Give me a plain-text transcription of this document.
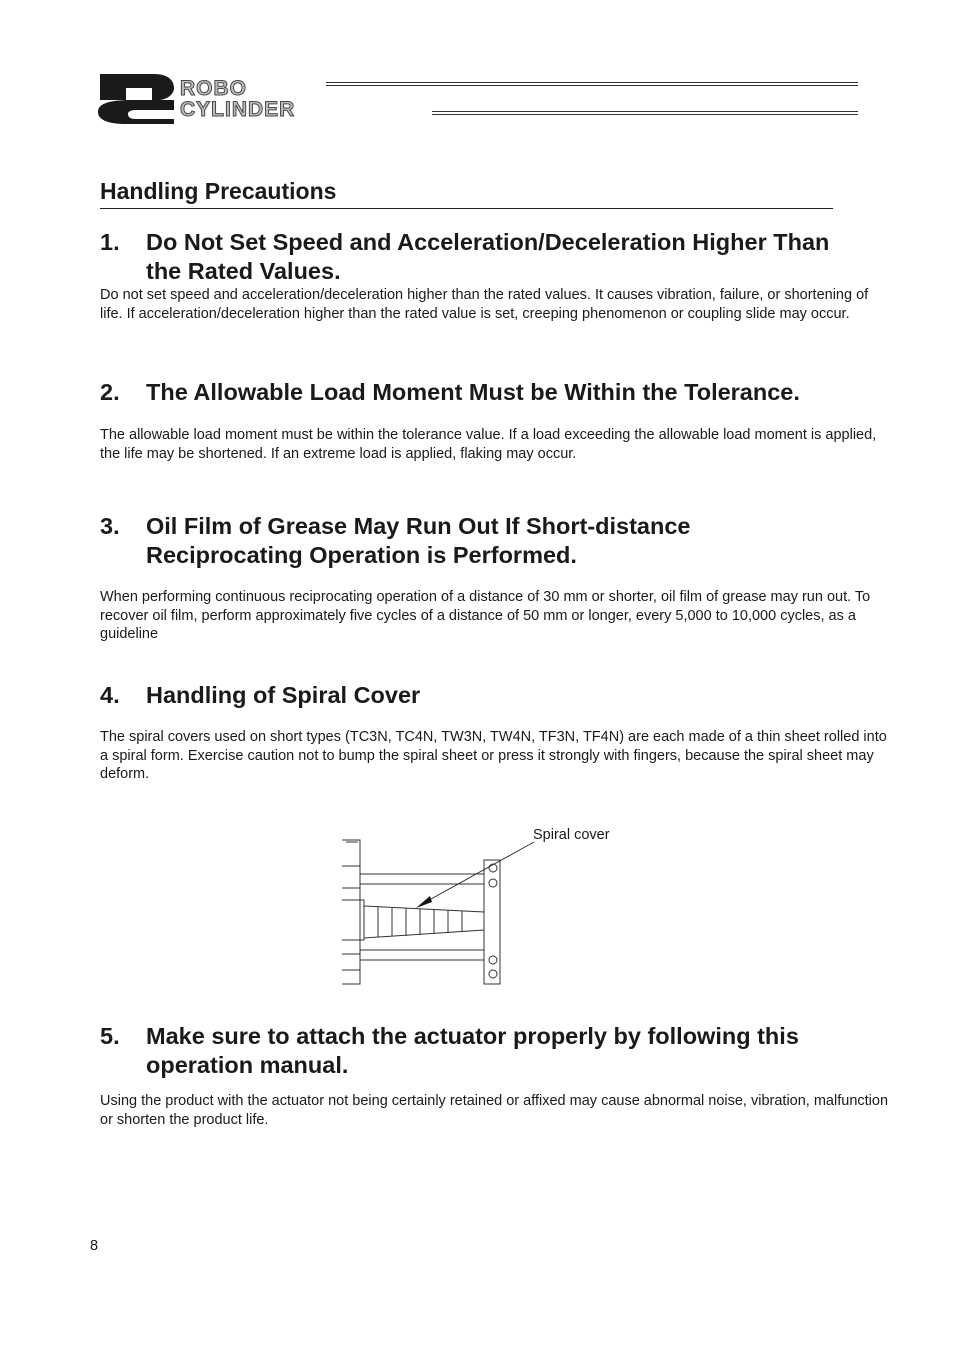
ROBO
CYLINDER
Handling Precautions
1.	Do Not Set Speed and Acceleration/Deceleration Higher Than the Rated Values.
Do not set speed and acceleration/deceleration higher than the rated values. It causes vibration, failure, or shortening of life. If acceleration/deceleration higher than the rated value is set, creeping phenomenon or coupling slide may occur.
2.	The Allowable Load Moment Must be Within the Tolerance.
The allowable load moment must be within the tolerance value. If a load exceeding the allowable load moment is applied, the life may be shortened. If an extreme load is applied, flaking may occur.
3.	Oil Film of Grease May Run Out If Short-distance Reciprocating Operation is Performed.
When performing continuous reciprocating operation of a distance of 30 mm or shorter, oil film of grease may run out. To recover oil film, perform approximately five cycles of a distance of 50 mm or longer, every 5,000 to 10,000 cycles, as a guideline
4.	Handling of Spiral Cover
The spiral covers used on short types (TC3N, TC4N, TW3N, TW4N, TF3N, TF4N) are each made of a thin sheet rolled into a spiral form. Exercise caution not to bump the spiral sheet or press it strongly with fingers, because the spiral sheet may deform.
Spiral cover
5.	Make sure to attach the actuator properly by following this operation manual.
Using the product with the actuator not being certainly retained or affixed may cause abnormal noise, vibration, malfunction or shorten the product life.
8
